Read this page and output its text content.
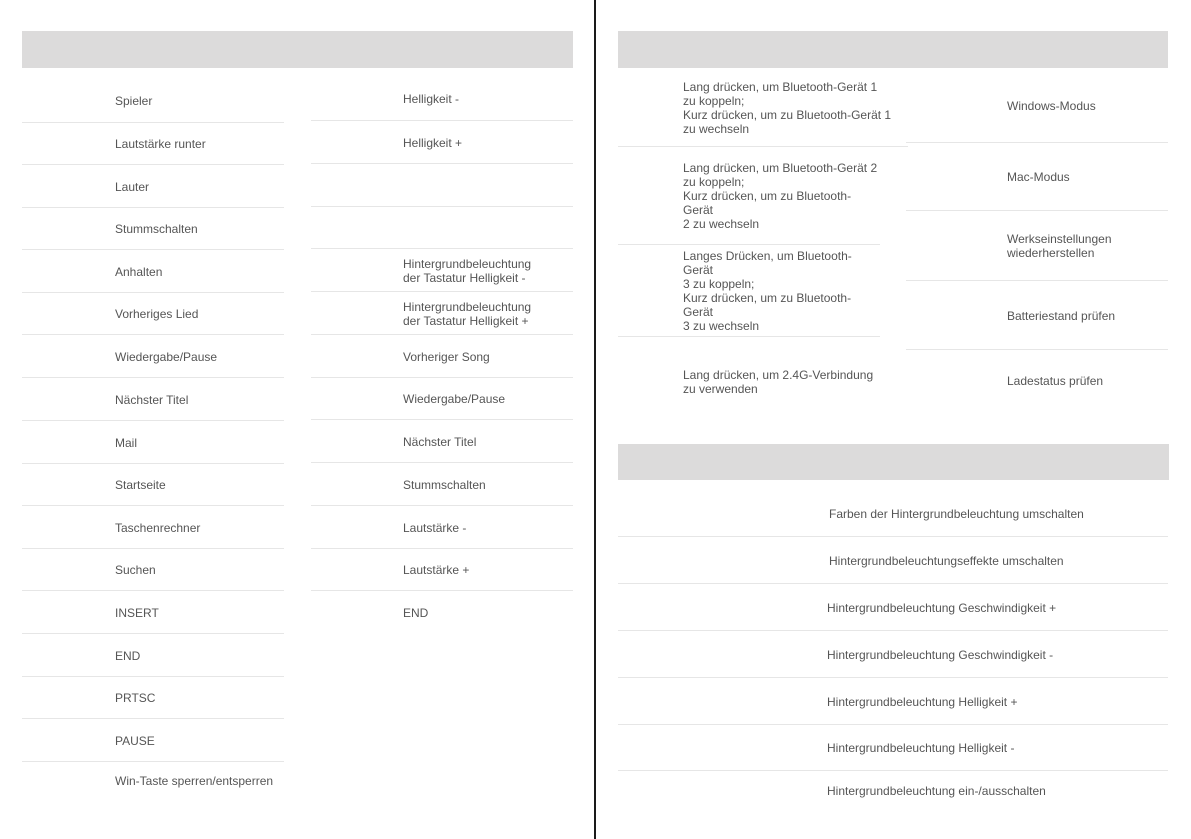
Spieler
Lautstärke runter
Lauter
Stummschalten
Anhalten
Vorheriges Lied
Wiedergabe/Pause
Nächster Titel
Mail
Startseite
Taschenrechner
Suchen
INSERT
END
PRTSC
PAUSE
Win-Taste sperren/entsperren
Helligkeit -
Helligkeit +
Hintergrundbeleuchtung
der Tastatur Helligkeit -
Hintergrundbeleuchtung
der Tastatur Helligkeit +
Vorheriger Song
Wiedergabe/Pause
Nächster Titel
Stummschalten
Lautstärke -
Lautstärke +
END
Lang drücken, um Bluetooth-Gerät 1
zu koppeln;
Kurz drücken, um zu Bluetooth-Gerät 1
zu wechseln
Lang drücken, um Bluetooth-Gerät 2
zu koppeln;
Kurz drücken, um zu Bluetooth-Gerät
2 zu wechseln
Langes Drücken, um Bluetooth-Gerät
3 zu koppeln;
Kurz drücken, um zu Bluetooth-Gerät
3 zu wechseln
Lang drücken, um 2.4G-Verbindung
zu verwenden
Windows-Modus
Mac-Modus
Werkseinstellungen
wiederherstellen
Batteriestand prüfen
Ladestatus prüfen
Farben der Hintergrundbeleuchtung umschalten
Hintergrundbeleuchtungseffekte umschalten
Hintergrundbeleuchtung Geschwindigkeit +
Hintergrundbeleuchtung Geschwindigkeit -
Hintergrundbeleuchtung Helligkeit +
Hintergrundbeleuchtung Helligkeit -
Hintergrundbeleuchtung ein-/ausschalten
